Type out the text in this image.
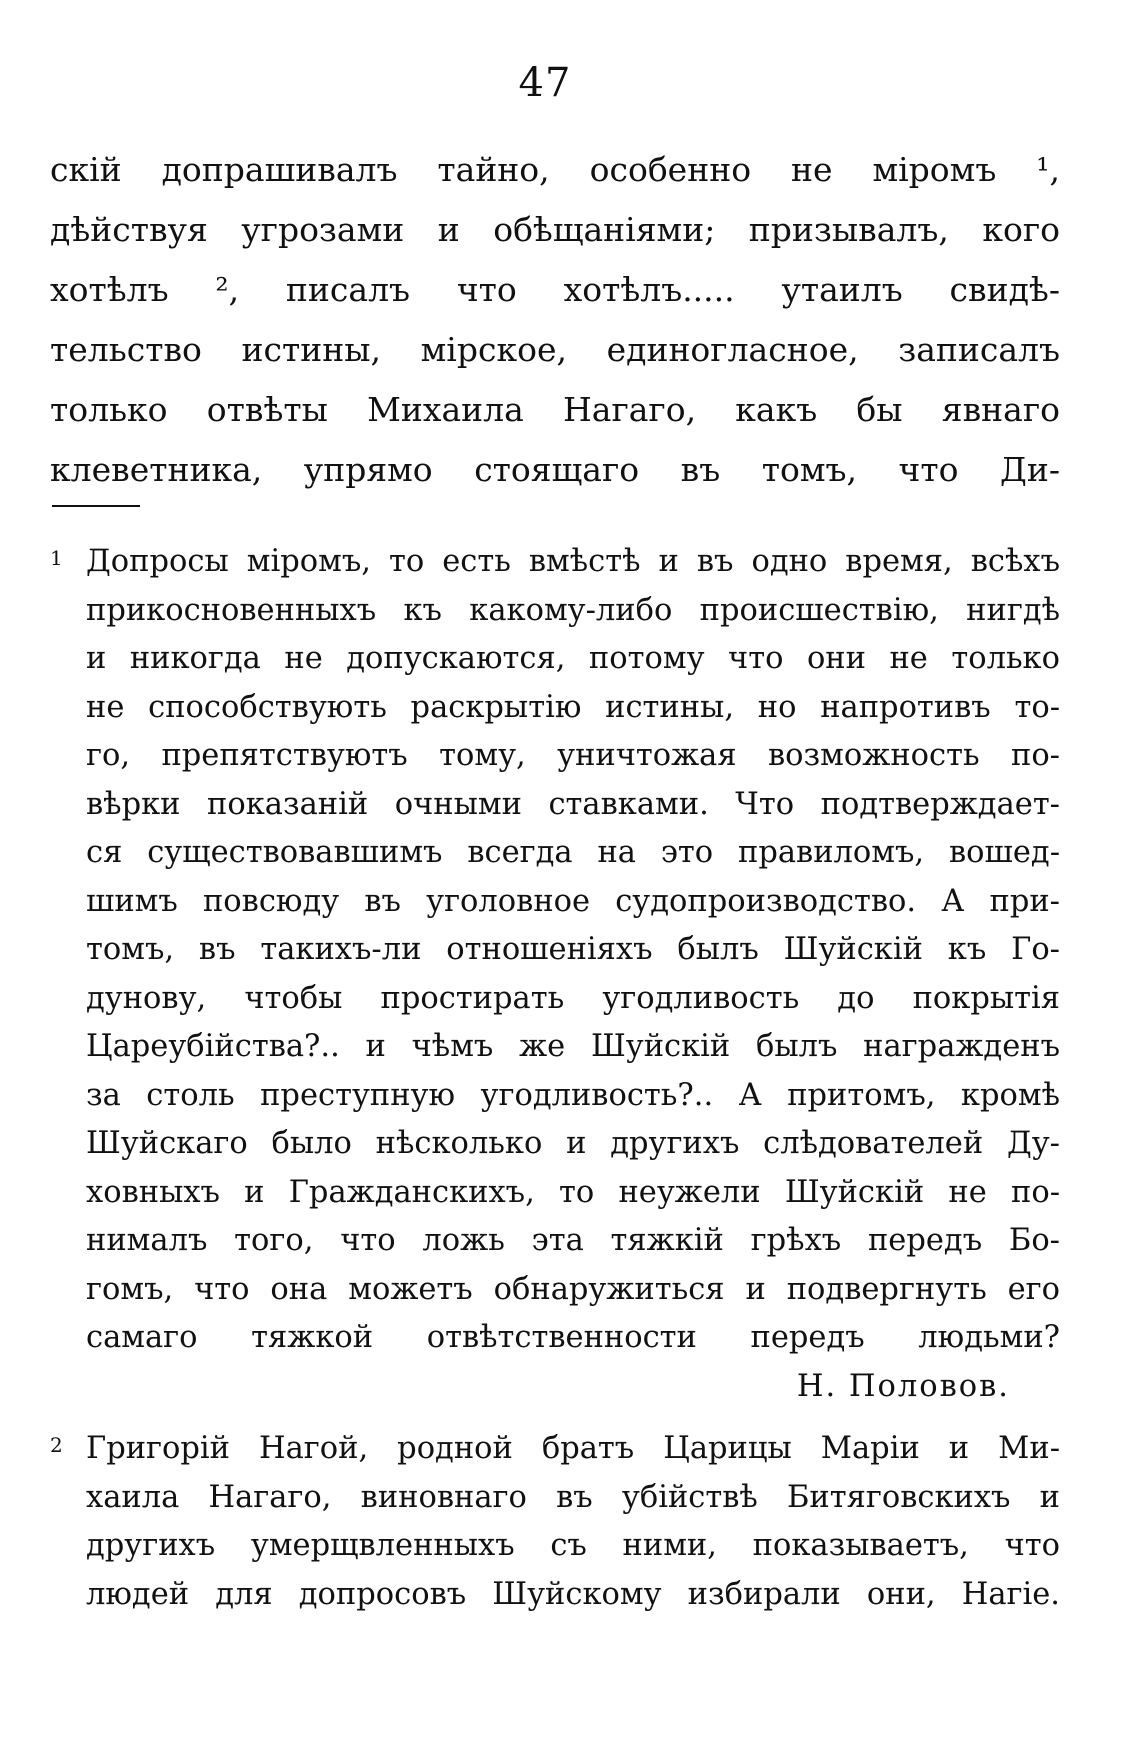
47
скій допрашивалъ тайно, особенно не міромъ ¹,
дѣйствуя угрозами и обѣщаніями; призывалъ, кого
хотѣлъ ², писалъ что хотѣлъ..... утаилъ свидѣ-
тельство истины, мірское, единогласное, записалъ
только отвѣты Михаила Нагаго, какъ бы явнаго
клеветника, упрямо стоящаго въ томъ, что Ди-
1 Допросы міромъ, то есть вмѣстѣ и въ одно время, всѣхъ
прикосновенныхъ къ какому-либо происшествію, нигдѣ
и никогда не допускаются, потому что они не только
не способствують раскрытію истины, но напротивъ то-
го, препятствуютъ тому, уничтожая возможность по-
вѣрки показаній очными ставками. Что подтверждает-
ся существовавшимъ всегда на это правиломъ, вошед-
шимъ повсюду въ уголовное судопроизводство. А при-
томъ, въ такихъ-ли отношеніяхъ былъ Шуйскій къ Го-
дунову, чтобы простирать угодливость до покрытія
Цареубійства?.. и чѣмъ же Шуйскій былъ награжденъ
за столь преступную угодливость?.. А притомъ, кромѣ
Шуйскаго было нѣсколько и другихъ слѣдователей Ду-
ховныхъ и Гражданскихъ, то неужели Шуйскій не по-
нималъ того, что ложь эта тяжкій грѣхъ передъ Бо-
гомъ, что она можетъ обнаружиться и подвергнуть его
самаго тяжкой отвѣтственности передъ людьми?
Н. Половов.
2 Григорій Нагой, родной братъ Царицы Маріи и Ми-
хаила Нагаго, виновнаго въ убійствѣ Битяговскихъ и
другихъ умерщвленныхъ съ ними, показываетъ, что
людей для допросовъ Шуйскому избирали они, Нагіе.
